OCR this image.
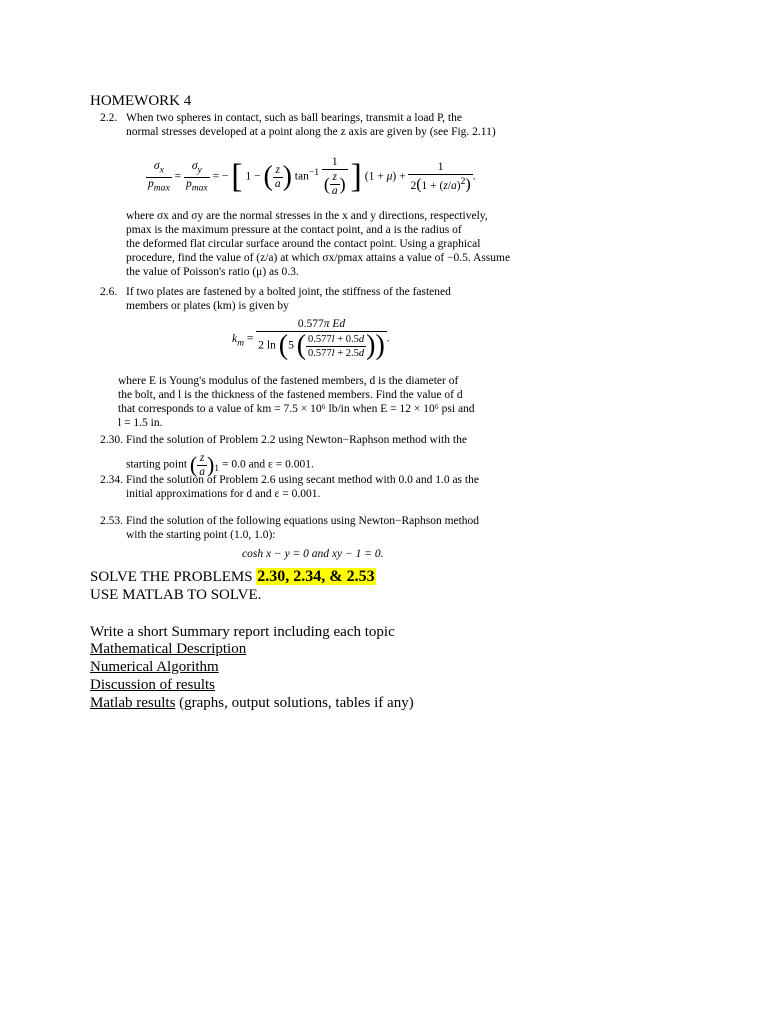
HOMEWORK 4
2.2. When two spheres in contact, such as ball bearings, transmit a load P, the
normal stresses developed at a point along the z axis are given by (see Fig. 2.11)
$\frac{\sigma_x}{p_{max}} = \frac{\sigma_y}{p_{max}}$ = − [ 1 − ( $\frac{z}{a}$ ) $\tan^{-1} \frac{1}{( \frac{z}{a} )}$ ] $(1 + \mu) + \frac{1}{2(1 + (z/a)^2)}$ .
where σx and σy are the normal stresses in the x and y directions, respectively,
pmax is the maximum pressure at the contact point, and a is the radius of
the deformed flat circular surface around the contact point. Using a graphical
procedure, find the value of (z/a) at which σx/pmax attains a value of −0.5. Assume
the value of Poisson's ratio (μ) as 0.3.
2.6. If two plates are fastened by a bolted joint, the stiffness of the fastened
members or plates (km) is given by
$k_m = \frac{\text{0.577π Ed}}{2 \ln (5 ( \frac{0.577l + 0.5d}{0.577l + 2.5d} ))}$ .
where E is Young's modulus of the fastened members, d is the diameter of
the bolt, and l is the thickness of the fastened members. Find the value of d
that corresponds to a value of km = 7.5 × 10⁶ lb/in when E = 12 × 10⁶ psi and
l = 1.5 in.
2.30. Find the solution of Problem 2.2 using Newton−Raphson method with the
starting point ( $\frac{z}{a} )_1 = 0.0$ and ε = 0.001.
2.34. Find the solution of Problem 2.6 using secant method with 0.0 and 1.0 as the
initial approximations for d and ε = 0.001.
2.53. Find the solution of the following equations using Newton−Raphson method
with the starting point (1.0, 1.0):
cosh x − y = 0 and xy − 1 = 0.
SOLVE THE PROBLEMS 2.30, 2.34, & 2.53
USE MATLAB TO SOLVE.
Write a short Summary report including each topic
Mathematical Description
Numerical Algorithm
Discussion of results
Matlab results (graphs, output solutions, tables if any)
